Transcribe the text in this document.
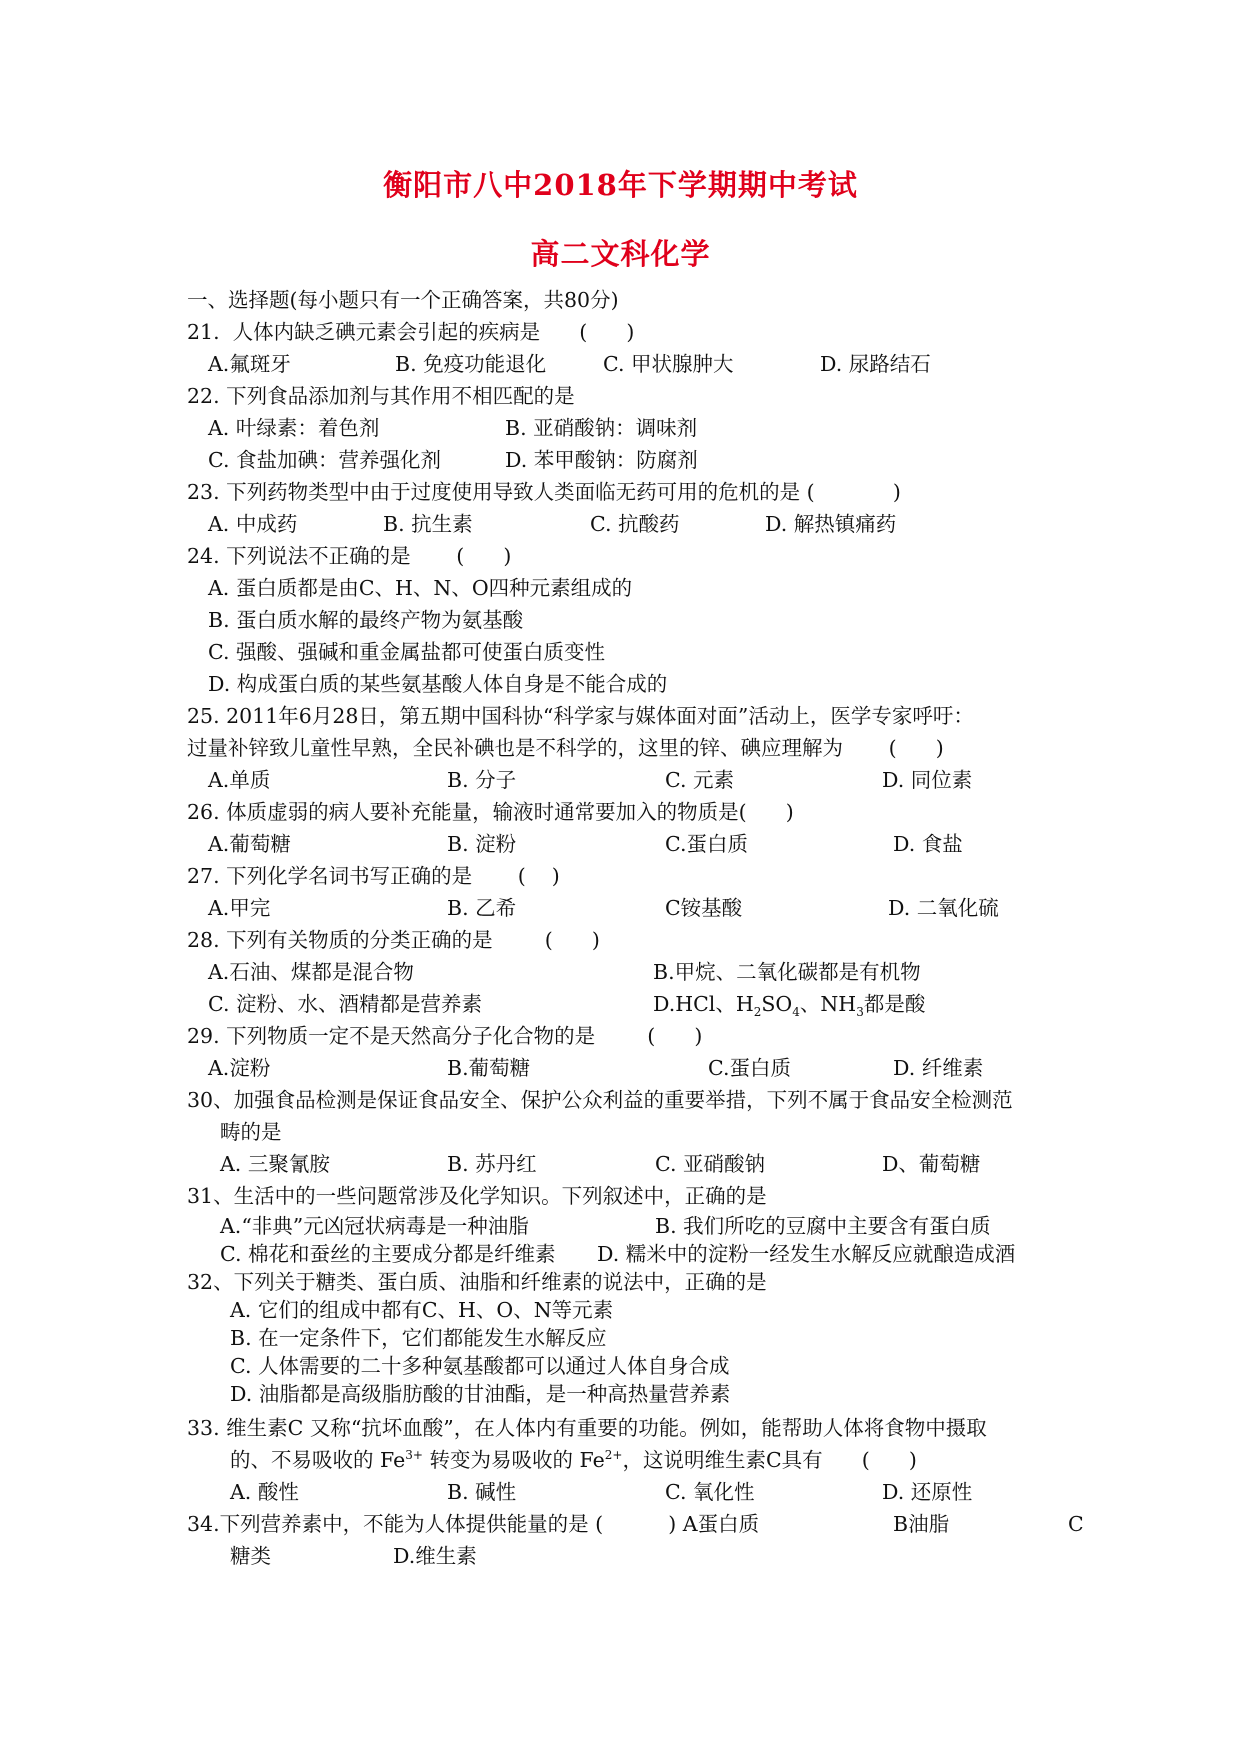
衡阳市八中2018年下学期期中考试
高二文科化学
一、选择题(每小题只有一个正确答案，共80分)
21.  人体内缺乏碘元素会引起的疾病是      (      )
A.氟斑牙	B. 免疫功能退化	C. 甲状腺肿大	D. 尿路结石
22. 下列食品添加剂与其作用不相匹配的是
A. 叶绿素：着色剂	B. 亚硝酸钠：调味剂
C. 食盐加碘：营养强化剂	D. 苯甲酸钠：防腐剂
23. 下列药物类型中由于过度使用导致人类面临无药可用的危机的是 (            )
A. 中成药	B. 抗生素	C. 抗酸药	D. 解热镇痛药
24. 下列说法不正确的是       (      )
A. 蛋白质都是由C、H、N、O四种元素组成的
B. 蛋白质水解的最终产物为氨基酸
C. 强酸、强碱和重金属盐都可使蛋白质变性
D. 构成蛋白质的某些氨基酸人体自身是不能合成的
25. 2011年6月28日，第五期中国科协“科学家与媒体面对面”活动上，医学专家呼吁：
过量补锌致儿童性早熟，全民补碘也是不科学的，这里的锌、碘应理解为       (      )
A.单质	B. 分子	C. 元素	D. 同位素
26. 体质虚弱的病人要补充能量，输液时通常要加入的物质是(      )
A.葡萄糖	B. 淀粉	C.蛋白质	D. 食盐
27. 下列化学名词书写正确的是       (    )
A.甲完	B. 乙希	C铵基酸	D. 二氧化硫
28. 下列有关物质的分类正确的是        (      )
A.石油、煤都是混合物	B.甲烷、二氧化碳都是有机物
C. 淀粉、水、酒精都是营养素	D.HCl、$H_2SO_4$、$NH_3$都是酸
29. 下列物质一定不是天然高分子化合物的是        (      )
A.淀粉	B.葡萄糖	C.蛋白质	D. 纤维素
30、加强食品检测是保证食品安全、保护公众利益的重要举措，下列不属于食品安全检测范
畴的是
A. 三聚氰胺	B. 苏丹红	C. 亚硝酸钠	D、葡萄糖
31、生活中的一些问题常涉及化学知识。下列叙述中，正确的是
A.“非典”元凶冠状病毒是一种油脂	B. 我们所吃的豆腐中主要含有蛋白质
C. 棉花和蚕丝的主要成分都是纤维素 D. 糯米中的淀粉一经发生水解反应就酿造成酒
32、下列关于糖类、蛋白质、油脂和纤维素的说法中，正确的是
A. 它们的组成中都有C、H、O、N等元素
B. 在一定条件下，它们都能发生水解反应
C. 人体需要的二十多种氨基酸都可以通过人体自身合成
D. 油脂都是高级脂肪酸的甘油酯，是一种高热量营养素
33. 维生素C 又称“抗坏血酸”，在人体内有重要的功能。例如，能帮助人体将食物中摄取
的、不易吸收的 $Fe^{3+}$ 转变为易吸收的 $Fe^{2+}$，这说明维生素C具有      (      )
A. 酸性	B. 碱性	C. 氧化性	D. 还原性
34.下列营养素中，不能为人体提供能量的是 (          ) A蛋白质	B油脂	C
糖类	D.维生素
